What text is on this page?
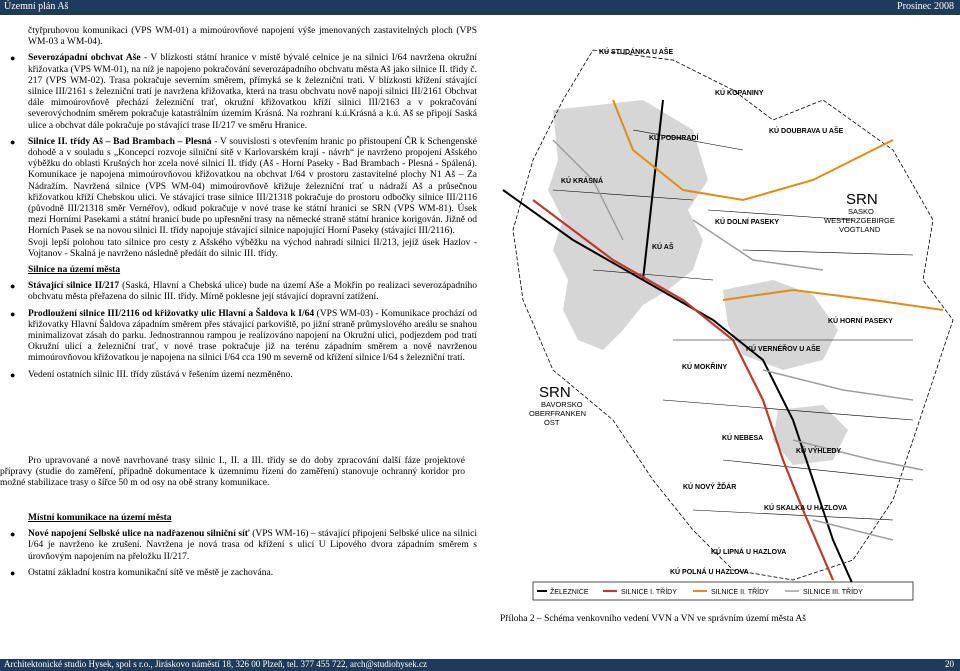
Územní plán Aš	Prosinec 2008

čtyřpruhovou komunikaci (VPS WM-01) a mimoúrovňové napojení výše jmenovaných zastavitelných ploch (VPS WM-03 a WM-04).

● Severozápadní obchvat Aše - V blízkosti státní hranice v místě bývalé celnice je na silnici I/64 navržena okružní křižovatka (VPS WM-01), na níž je napojeno pokračování severozápadního obchvatu města Aš jako silnice II. třídy č. 217 (VPS WM-02). Trasa pokračuje severním směrem, přímyká se k železniční trati. V blízkosti křížení stávající silnice III/2161 s železniční tratí je navržena křižovatka, která na trasu obchvatu nově napojí silnici III/2161 Obchvat dále mimoúrovňově přechází železniční trať, okružní křižovatkou kříží silnici III/2163 a v pokračování severovýchodním směrem pokračuje katastrálním územím Krásná. Na rozhraní k.ú.Krásná a k.ú. Aš se připojí Saská ulice a obchvat dále pokračuje po stávající trase II/217 ve směru Hranice.
● Silnice II. třídy Aš – Bad Brambach – Plesná - V souvislosti s otevřením hranic po přistoupení ČR k Schengenské dohodě a v souladu s „Koncepcí rozvoje silniční sítě v Karlovarském kraji - návrh“ je navrženo propojení Ašského výběžku do oblasti Krušných hor zcela nové silnicí II. třídy (Aš - Horní Paseky - Bad Brambach - Plesná - Spálená). Komunikace je napojena mimoúrovňovou křižovatkou na obchvat I/64 v prostoru zastavitelné plochy N1 Aš – Za Nádražím. Navržená silnice (VPS WM-04) mimoúrovňově křižuje železniční trať u nádraží Aš a průsečnou křižovatkou kříží Chebskou ulici. Ve stávající trase silnice III/21318 pokračuje do prostoru odbočky silnice III/2116 (původně III/21318 směr Vernéřov), odkud pokračuje v nové trase ke státní hranici se SRN (VPS WM-81). Úsek mezi Horními Pasekami a státní hranicí bude po upřesnění trasy na německé straně státní hranice korigován. Jižně od Horních Pasek se na novou silnici II. třídy napojuje stávající silnice napojující Horní Paseky (stávající III/2116).
Svoji lepší polohou tato silnice pro cesty z Ašského výběžku na východ nahradí silnici II/213, jejíž úsek Hazlov - Vojtanov - Skalná je navrženo následně předáít do silnic III. třídy.

Silnice na území města

● Stávající silnice II/217 (Saská, Hlavní a Chebská ulice) bude na území Aše a Mokřin po realizaci severozápadního obchvatu města přeřazena do silnic III. třídy. Mírně poklesne její stávající dopravní zatížení.
● Prodloužení silnice III/2116 od křižovatky ulic Hlavní a Šaldova k I/64 (VPS WM-03) - Komunikace prochází od křižovatky Hlavní Šaldova západním směrem přes stávající parkoviště, po jižní straně průmyslového areálu se snahou minimalizovat zásah do parku. Jednostrannou rampou je realizováno napojení na Okružní ulici, podjezdem pod tratí Okružní ulicí a železniční trať, v nové trase pokračuje již na terénu západním směrem a nově navrženou mimoúrovňovou křižovatkou je napojena na silnici I/64 cca 190 m severně od křížení silnice I/64 s železniční tratí.
● Vedení ostatních silnic III. třídy zůstává v řešením území nezměněno.

Pro upravované a nově navrhované trasy silnic I., II. a III. třídy se do doby zpracování další fáze projektové přípravy (studie do zaměření, případně dokumentace k územnímu řízení do zaměření) stanovuje ochranný koridor pro možné stabilizace trasy o šířce 50 m od osy na obě strany komunikace.

Místní komunikace na území města

● Nové napojení Selbské ulice na nadřazenou silniční síť (VPS WM-16) – stávající připojení Selbské ulice na silnici I/64 je navrženo ke zrušení. Navržena je nová trasa od křížení s ulicí U Lipového dvora západním směrem s úrovňovým napojením na přeložku II/217.
● Ostatní základní kostra komunikační sítě ve městě je zachována.
KÚ STUDÁNKA U AŠE
KÚ KOPANINY
KÚ PODHRADÍ
KÚ DOUBRAVA U AŠE
KÚ KRÁSNÁ
KÚ DOLNÍ PASEKY
KÚ AŠ
KÚ HORNÍ PASEKY
KÚ VERNÉŘOV U AŠE
KÚ MOKŘINY
KÚ NEBESA
KÚ VÝHLEDY
KÚ NOVÝ ŽĎÁR
KÚ SKALKA U HAZLOVA
KÚ LIPNÁ U HAZLOVA
KÚ POLNÁ U HAZLOVA
SRN
SASKO
WESTERZGEBIRGE
VOGTLAND
SRN
BAVORSKO
OBERFRANKEN
OST
ŽELEZNICE	SILNICE I. TŘÍDY	SILNICE II. TŘÍDY	SILNICE III. TŘÍDY
Příloha 2 – Schéma venkovního vedení VVN a VN ve správním území města Aš
Architektonické studio Hysek, spol s r.o., Jiráskovo náměstí 18, 326 00 Plzeň, tel. 377 455 722, arch@studiohysek.cz	20
